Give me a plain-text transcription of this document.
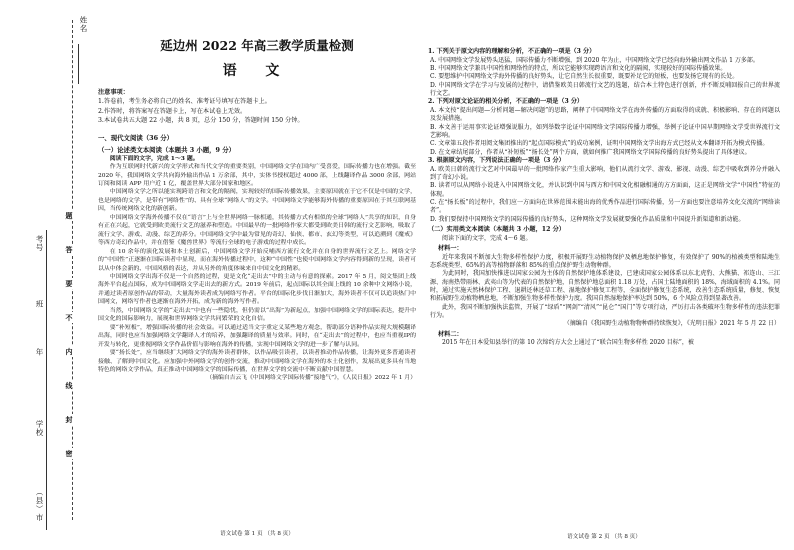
姓名
考号
班
年
学校
（县）市
题
答
要
不
内
线
封
密
延边州 2022 年高三教学质量检测
语 文
注意事项：
1.答卷前，考生务必将自己的姓名、准考证号填写在答题卡上。
2.作答时，将答案写在答题卡上，写在本试卷上无效。
3.本试卷共五大题 22 小题，共 8 页，总分 150 分，答题时间 150 分钟。
一、现代文阅读（36 分）
（一）论述类文本阅读（本题共 3 小题，9 分）
阅读下面的文字，完成 1～3 题。
作为互联网时代新兴的文学形式和当代文学的重要类别，中国网络文学在国内广受喜爱，国际传播力也在增强。截至 2020 年，我国网络文学共向海外输出作品 1 万余部，其中，实体书授权超过 4000 部，上线翻译作品 3000 余部，网站订阅和阅读 APP 用户近 1 亿，覆盖世界大部分国家和地区。
中国网络文学之所以能实现跨语言和文化的隔阂，实现较好的国际传播效果，主要原因就在于它不仅是中国的文学，也是网络的文学，是带有“网络性”的、具有全球“网络人”的文学。中国网络文学能够海外传播的重要原因在于其互联网基因，当传统网络文化的新创新。
中国网络文学海外传播不仅在“语言”上与全世界网络一脉相通，其传播方式有相似的全球“网络人”共享的知识，自身有正在兴起，它就受到欧美流行文艺的滋养和塑造。中国最早的一批网络作家大都受到欧美日韩的流行文艺影响，吸取了流行文学、游戏、动漫、综艺的养分。中国网络文学中最为常见的奇幻、仙侠、都市、玄幻等类型，可以追溯到《魔戒》等西方奇幻作品中，并在借鉴《魔兽世界》等流行全球的电子游戏的过程中成长。
在 10 余年的演化发展和本土创新后，中国网络文学开始反哺西方流行文化并在自身的世界流行文艺上。网络文学的“中国性”正逐渐在国际读者中显现，而在海外传播过程中，这种“中国性”也使中国网络文学内容得到新的呈现，读者可以从中体会新的、中国风格的表达，并从另外的角度体味来自中国文化的精彩。
中国网络文学出海不仅是一个自然的过程，更是文化“走出去”中的主动与有意的探索。2017 年 5 月，阅文集团上线海外平台起点国际，成为中国网络文学走出去的新方式。2019 年前后，起点国际以其全面上线的 10 余种中文网络小说，并通过读者原创作品的带动，大量海外读者成为网络写作者。平台的国际化步伐日渐加大，海外读者不仅可以追读热门中国网文，网络写作者也逐渐在海外开拓，成为新的海外写作者。
当然，中国网络文学的“走出去”中也有一些隐忧，但仍需以“出海”为新起点，加强中国网络文学的国际表达，提升中国文化的国际影响力，展现和世界网络文学共同繁荣的文化自信。
要“补短板”，增强国际传播的社会效益。可以通过适当文字重定义某些地方观念，帮助部分语种作品实现大规模翻译出海，同时也应当加强网络文学翻译人才的培养，加强翻译的质量与效率。同时，在“走出去”的过程中，也应当重视IP的开发与转化，更重视网络文学作品价值与影响在海外的传播，实现中国网络文学的进一步了解与认同。
要“扬长处”，应当继续扩大网络文学的海外读者群体，以作品吸引读者，以读者推动作品传播，让海外更多普通读者接触、了解到中国文化。应加强中外网络文学的创作交流，推动中国网络文学在海外的本土化创作，发展出更多具有当地特色的网络文学作品，真正推动中国网络文学的国际传播，在世界文学的交流中不断贡献中国智慧。
（摘编自吉云飞《中国网络文学国际传播“接地气”》，《人民日报》2022 年 1 月）
语文试卷 第 1 页 （共 8 页）
1. 下列关于原文内容的理解和分析，不正确的一项是（3 分）
A. 中国网络文学发展势头迅猛，国际传播力不断增强，到 2020 年为止，中国网络文学已经向海外输出网文作品 1 万多部。
B. 中国网络文学兼具中国性和网络性的特点，所以它能够实现跨语言和文化的隔阂，实现较好的国际传播效果。
C. 要想维护中国网络文学海外传播的良好势头，让它自然生长很重要，既要补足它的短板，也要发扬它现有的长处。
D. 中国网络文学在学习与发展的过程中，请借鉴欧美日韩流行文艺的选题，结合本土特色进行创新，并不断反哺回报自己的世界流行文艺。
2. 下列对原文论证的相关分析，不正确的一项是（3 分）
A. 本文按“提出问题—分析问题—解决问题”的思路，阐释了中国网络文学在海外传播的方面取得的成就、积极影响、存在的问题以及发展措施。
B. 本文善于运用事实论证增强说服力，如列举数字论证中国网络文学国际传播力增强，举例子论证中国早期网络文学受世界流行文艺影响。
C. 文章第五段作者用阅文集团推出的“起点国际模式”的成功案例，证明中国网络文学出海方式已经从文本翻译开拓为模式传播。
D. 在文章结尾部分，作者从“补短板”“扬长处”两个方面，就如何推广我国网络文学国际传播的良好势头提出了具体建议。
3. 根据原文内容，下列说法正确的一项是（3 分）
A. 欧美日韩的流行文艺对中国最早的一批网络作家产生重大影响，他们从流行文学、游戏、影视、动漫、综艺中吸收到养分并融入到了奇幻小说。
B. 读者可以从网络小说进入中国网络文化，并认识到中国与西方和中国文化相融相通的方方面面，这正是网络文学“中国性”特征的体现。
C. 在“扬长板”的过程中，我们应一方面向在世界范围未能出海的优秀作品进行国际传播，另一方面也要注意培养文化交流的“网络读者”。
D. 我们要保持中国网络文学的国际传播的良好势头，这种网络文学发展就要强化作品质量和中国提升新渠道和新动能。
（二）实用类文本阅读（本题共 3 小题，12 分）
阅读下面的文字，完成 4～6 题。
材料一：
近年来我国不断加大生物多样性保护力度，积极开展野生动植物保护及栖息地保护修复，有效保护了 90%的植被类型和陆地生态系统类型、65%的高等植物群落和 85%的重点保护野生动物种群。
为此同时，我国加快推进以国家公园为主体的自然保护地体系建设，已建成国家公园体系以东北虎豹、大熊猫、祁连山、三江源、海南热带雨林、武夷山等为代表的自然保护地，自然保护地总面积 1.18 万处，占国土陆地面积的 18%，海域面积的 4.1%。同时，通过实施天然林保护工程、退耕还林还草工程、湿地保护修复工程等，全面保护修复生态系统，改善生态系统质量，修复、恢复和拓展野生动植物栖息地，不断加强生物多样性保护力度。我国自然湿地保护率达到 50%，6 个风险点得到显著改善。
此外，我国不断加强执法监管，开展了“绿盾”“网剑”“清风”“昆仑”“国门”等专项行动，严厉打击各类破坏生物多样性的违法犯罪行为。
（摘编自《我国野生动植物物种群持续恢复》，《光明日报》2021 年 5 月 22 日）
材料二：
2015 年在日本爱知县举行的第 10 次缔约方大会上通过了“联合国生物多样性 2020 目标”，被
语文试卷 第 2 页 （共 8 页）
